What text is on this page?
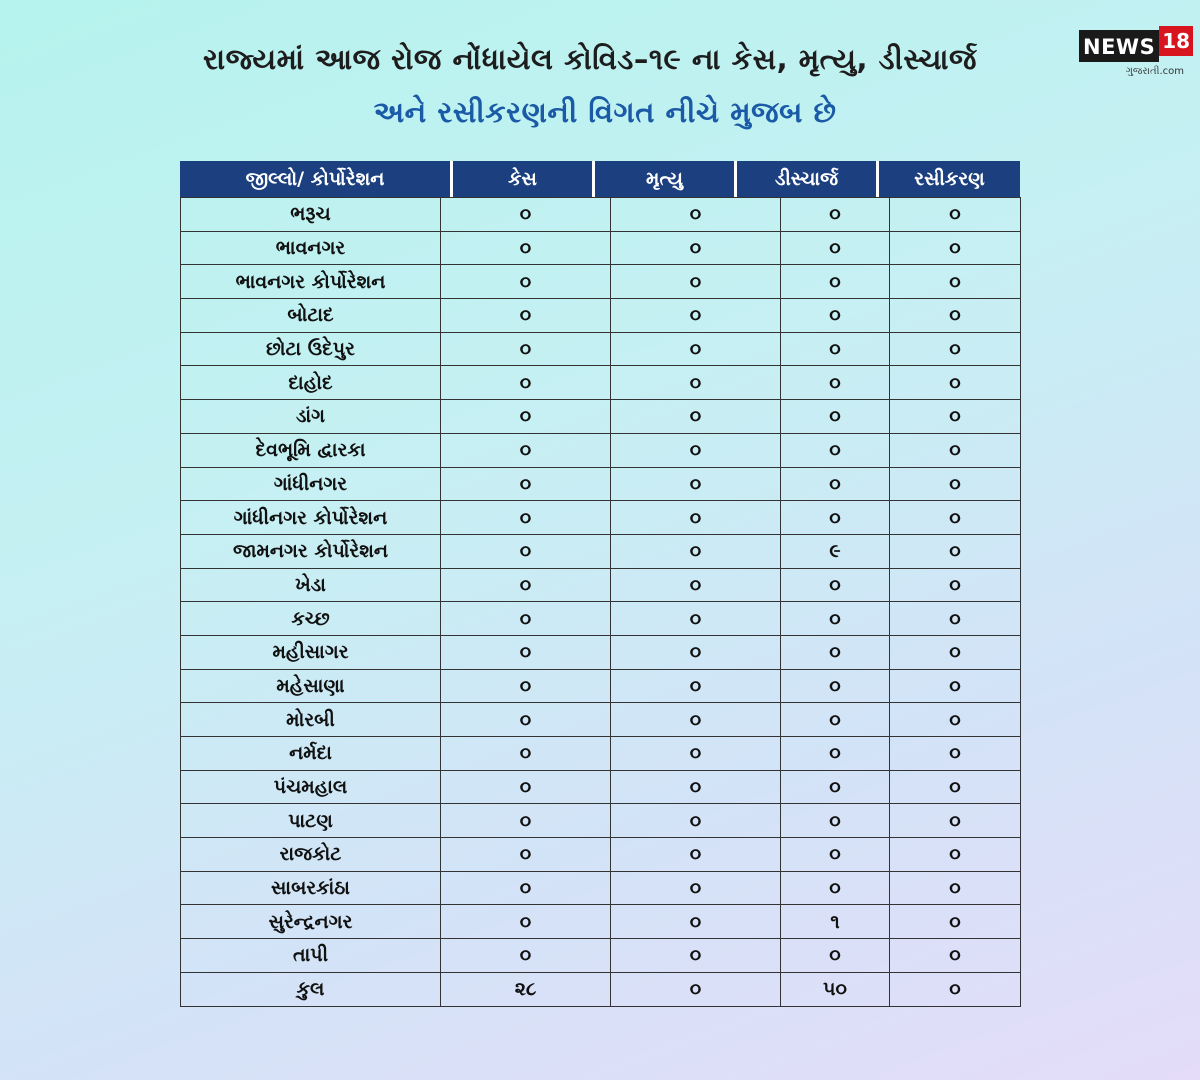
રાજ્યમાં આજ રોજ નોંધાયેલ કોવિડ–૧૯ ના કેસ, મૃત્યુ, ડીસ્ચાર્જ
અને રસીકરણની વિગત નીચે મુજબ છે
NEWS 18
ગુજરાતી.com
જીલ્લો/ કોર્પોરેશન	કેસ	મૃત્યુ	ડીસ્ચાર્જ	રસીકરણ
ભરૂચ	૦	૦	૦	૦
ભાવનગર	૦	૦	૦	૦
ભાવનગર કોર્પોરેશન	૦	૦	૦	૦
બોટાદ	૦	૦	૦	૦
છોટા ઉદેપુર	૦	૦	૦	૦
દાહોદ	૦	૦	૦	૦
ડાંગ	૦	૦	૦	૦
દેવભૂમિ દ્વારકા	૦	૦	૦	૦
ગાંધીનગર	૦	૦	૦	૦
ગાંધીનગર કોર્પોરેશન	૦	૦	૦	૦
જામનગર કોર્પોરેશન	૦	૦	૯	૦
ખેડા	૦	૦	૦	૦
કચ્છ	૦	૦	૦	૦
મહીસાગર	૦	૦	૦	૦
મહેસાણા	૦	૦	૦	૦
મોરબી	૦	૦	૦	૦
નર્મદા	૦	૦	૦	૦
પંચમહાલ	૦	૦	૦	૦
પાટણ	૦	૦	૦	૦
રાજકોટ	૦	૦	૦	૦
સાબરકાંઠા	૦	૦	૦	૦
સુરેન્દ્રનગર	૦	૦	૧	૦
તાપી	૦	૦	૦	૦
કુલ	૨૮	૦	૫૦	૦
